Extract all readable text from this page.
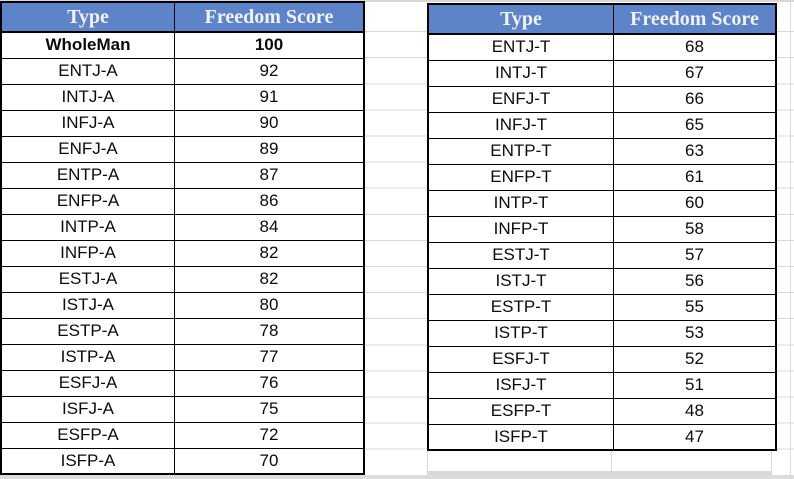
Type	Freedom Score
WholeMan	100
ENTJ-A	92
INTJ-A	91
INFJ-A	90
ENFJ-A	89
ENTP-A	87
ENFP-A	86
INTP-A	84
INFP-A	82
ESTJ-A	82
ISTJ-A	80
ESTP-A	78
ISTP-A	77
ESFJ-A	76
ISFJ-A	75
ESFP-A	72
ISFP-A	70
Type	Freedom Score
ENTJ-T	68
INTJ-T	67
ENFJ-T	66
INFJ-T	65
ENTP-T	63
ENFP-T	61
INTP-T	60
INFP-T	58
ESTJ-T	57
ISTJ-T	56
ESTP-T	55
ISTP-T	53
ESFJ-T	52
ISFJ-T	51
ESFP-T	48
ISFP-T	47
